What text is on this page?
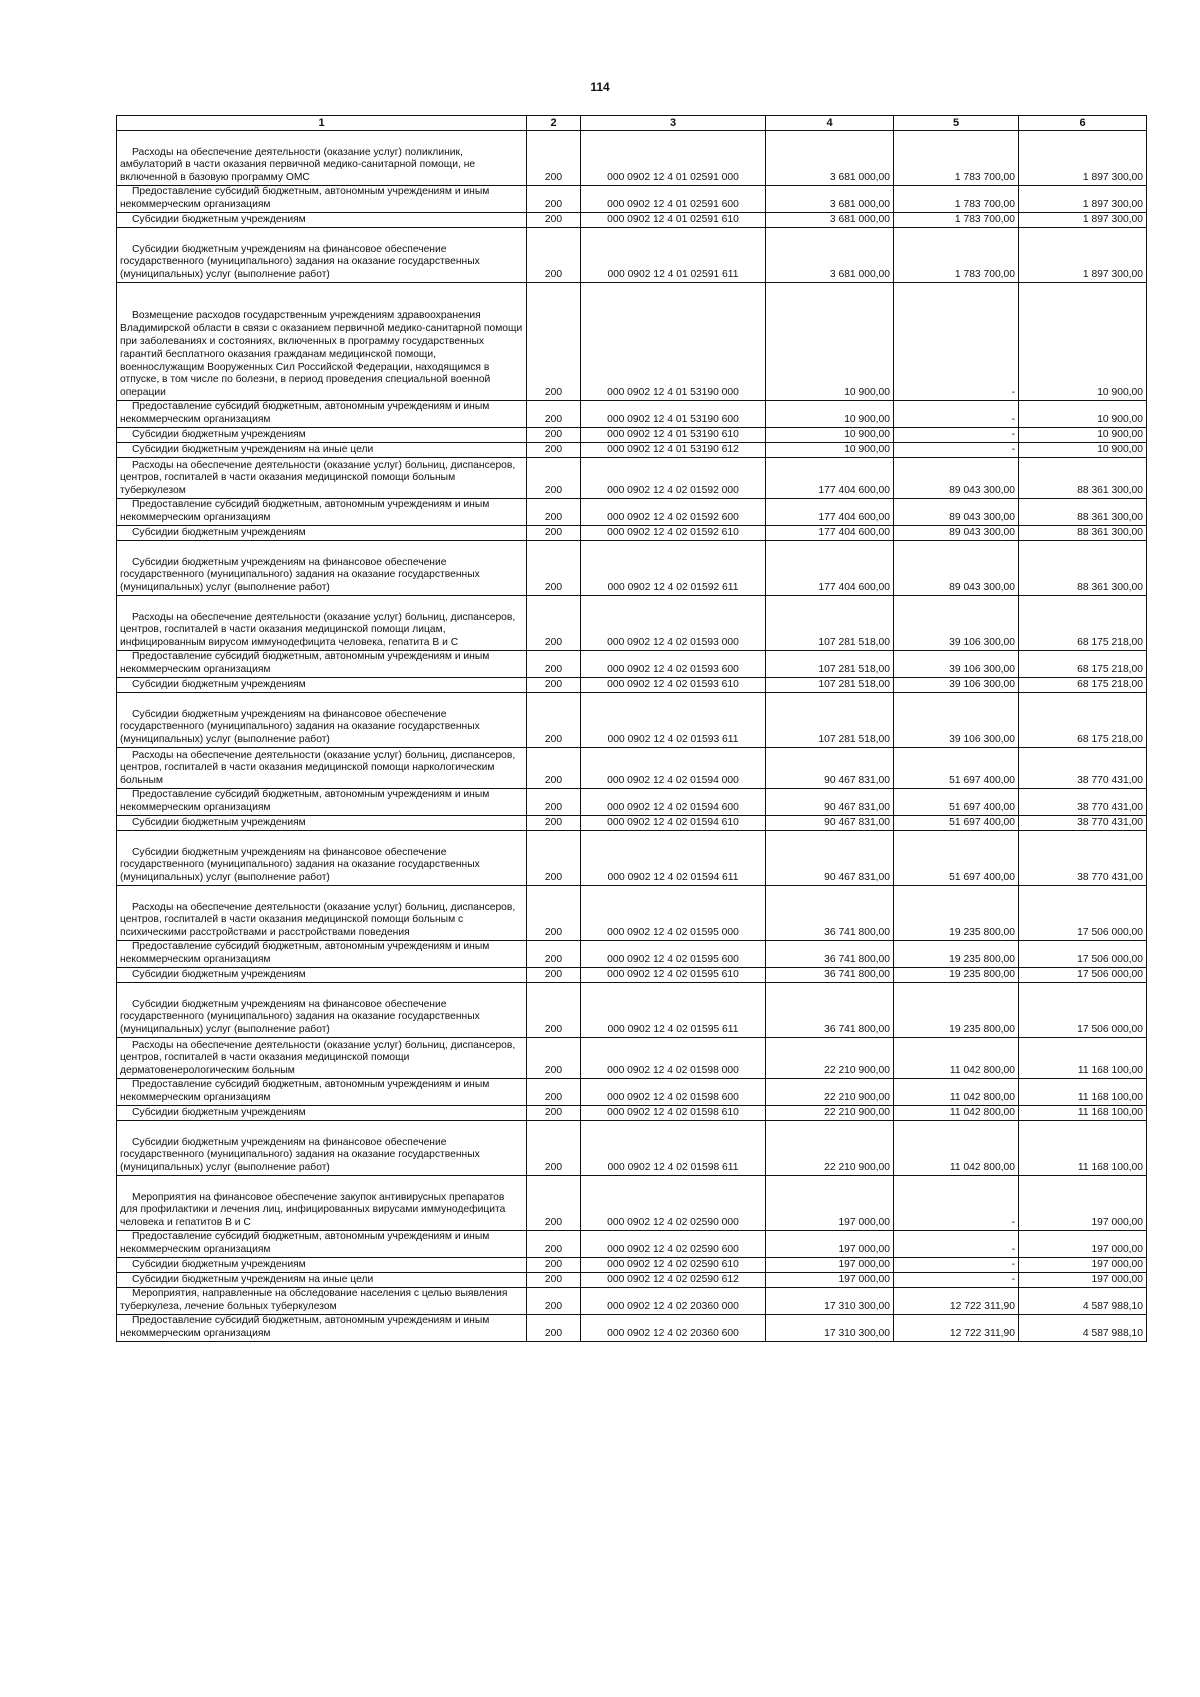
114
1	2	3	4	5	6

Расходы на обеспечение деятельности (оказание услуг) поликлиник, амбулаторий в части оказания первичной медико-санитарной помощи, не включенной в базовую программу ОМС	200	000 0902 12 4 01 02591 000	3 681 000,00	1 783 700,00	1 897 300,00

Предоставление субсидий бюджетным, автономным учреждениям и иным некоммерческим организациям	200	000 0902 12 4 01 02591 600	3 681 000,00	1 783 700,00	1 897 300,00

Субсидии бюджетным учреждениям	200	000 0902 12 4 01 02591 610	3 681 000,00	1 783 700,00	1 897 300,00

Субсидии бюджетным учреждениям на финансовое обеспечение государственного (муниципального) задания на оказание государственных (муниципальных) услуг (выполнение работ)	200	000 0902 12 4 01 02591 611	3 681 000,00	1 783 700,00	1 897 300,00

Возмещение расходов государственным учреждениям здравоохранения Владимирской области в связи с оказанием первичной медико-санитарной помощи при заболеваниях и состояниях, включенных в программу государственных гарантий бесплатного оказания гражданам медицинской помощи, военнослужащим Вооруженных Сил Российской Федерации, находящимся в отпуске, в том числе по болезни, в период проведения специальной военной операции	200	000 0902 12 4 01 53190 000	10 900,00	-	10 900,00

Предоставление субсидий бюджетным, автономным учреждениям и иным некоммерческим организациям	200	000 0902 12 4 01 53190 600	10 900,00	-	10 900,00

Субсидии бюджетным учреждениям	200	000 0902 12 4 01 53190 610	10 900,00	-	10 900,00

Субсидии бюджетным учреждениям на иные цели	200	000 0902 12 4 01 53190 612	10 900,00	-	10 900,00

Расходы на обеспечение деятельности (оказание услуг) больниц, диспансеров, центров, госпиталей в части оказания медицинской помощи больным туберкулезом	200	000 0902 12 4 02 01592 000	177 404 600,00	89 043 300,00	88 361 300,00

Предоставление субсидий бюджетным, автономным учреждениям и иным некоммерческим организациям	200	000 0902 12 4 02 01592 600	177 404 600,00	89 043 300,00	88 361 300,00

Субсидии бюджетным учреждениям	200	000 0902 12 4 02 01592 610	177 404 600,00	89 043 300,00	88 361 300,00

Субсидии бюджетным учреждениям на финансовое обеспечение государственного (муниципального) задания на оказание государственных (муниципальных) услуг (выполнение работ)	200	000 0902 12 4 02 01592 611	177 404 600,00	89 043 300,00	88 361 300,00

Расходы на обеспечение деятельности (оказание услуг) больниц, диспансеров, центров, госпиталей в части оказания медицинской помощи лицам, инфицированным вирусом иммунодефицита человека, гепатита В и С	200	000 0902 12 4 02 01593 000	107 281 518,00	39 106 300,00	68 175 218,00

Предоставление субсидий бюджетным, автономным учреждениям и иным некоммерческим организациям	200	000 0902 12 4 02 01593 600	107 281 518,00	39 106 300,00	68 175 218,00

Субсидии бюджетным учреждениям	200	000 0902 12 4 02 01593 610	107 281 518,00	39 106 300,00	68 175 218,00

Субсидии бюджетным учреждениям на финансовое обеспечение государственного (муниципального) задания на оказание государственных (муниципальных) услуг (выполнение работ)	200	000 0902 12 4 02 01593 611	107 281 518,00	39 106 300,00	68 175 218,00

Расходы на обеспечение деятельности (оказание услуг) больниц, диспансеров, центров, госпиталей в части оказания медицинской помощи наркологическим больным	200	000 0902 12 4 02 01594 000	90 467 831,00	51 697 400,00	38 770 431,00

Предоставление субсидий бюджетным, автономным учреждениям и иным некоммерческим организациям	200	000 0902 12 4 02 01594 600	90 467 831,00	51 697 400,00	38 770 431,00

Субсидии бюджетным учреждениям	200	000 0902 12 4 02 01594 610	90 467 831,00	51 697 400,00	38 770 431,00

Субсидии бюджетным учреждениям на финансовое обеспечение государственного (муниципального) задания на оказание государственных (муниципальных) услуг (выполнение работ)	200	000 0902 12 4 02 01594 611	90 467 831,00	51 697 400,00	38 770 431,00

Расходы на обеспечение деятельности (оказание услуг) больниц, диспансеров, центров, госпиталей в части оказания медицинской помощи больным с психическими расстройствами и расстройствами поведения	200	000 0902 12 4 02 01595 000	36 741 800,00	19 235 800,00	17 506 000,00

Предоставление субсидий бюджетным, автономным учреждениям и иным некоммерческим организациям	200	000 0902 12 4 02 01595 600	36 741 800,00	19 235 800,00	17 506 000,00

Субсидии бюджетным учреждениям	200	000 0902 12 4 02 01595 610	36 741 800,00	19 235 800,00	17 506 000,00

Субсидии бюджетным учреждениям на финансовое обеспечение государственного (муниципального) задания на оказание государственных (муниципальных) услуг (выполнение работ)	200	000 0902 12 4 02 01595 611	36 741 800,00	19 235 800,00	17 506 000,00

Расходы на обеспечение деятельности (оказание услуг) больниц, диспансеров, центров, госпиталей в части оказания медицинской помощи дерматовенерологическим больным	200	000 0902 12 4 02 01598 000	22 210 900,00	11 042 800,00	11 168 100,00

Предоставление субсидий бюджетным, автономным учреждениям и иным некоммерческим организациям	200	000 0902 12 4 02 01598 600	22 210 900,00	11 042 800,00	11 168 100,00

Субсидии бюджетным учреждениям	200	000 0902 12 4 02 01598 610	22 210 900,00	11 042 800,00	11 168 100,00

Субсидии бюджетным учреждениям на финансовое обеспечение государственного (муниципального) задания на оказание государственных (муниципальных) услуг (выполнение работ)	200	000 0902 12 4 02 01598 611	22 210 900,00	11 042 800,00	11 168 100,00

Мероприятия на финансовое обеспечение закупок антивирусных препаратов для профилактики и лечения лиц, инфицированных вирусами иммунодефицита человека и гепатитов В и С	200	000 0902 12 4 02 02590 000	197 000,00	-	197 000,00

Предоставление субсидий бюджетным, автономным учреждениям и иным некоммерческим организациям	200	000 0902 12 4 02 02590 600	197 000,00	-	197 000,00

Субсидии бюджетным учреждениям	200	000 0902 12 4 02 02590 610	197 000,00	-	197 000,00

Субсидии бюджетным учреждениям на иные цели	200	000 0902 12 4 02 02590 612	197 000,00	-	197 000,00

Мероприятия, направленные на обследование населения с целью выявления туберкулеза, лечение больных туберкулезом	200	000 0902 12 4 02 20360 000	17 310 300,00	12 722 311,90	4 587 988,10

Предоставление субсидий бюджетным, автономным учреждениям и иным некоммерческим организациям	200	000 0902 12 4 02 20360 600	17 310 300,00	12 722 311,90	4 587 988,10
